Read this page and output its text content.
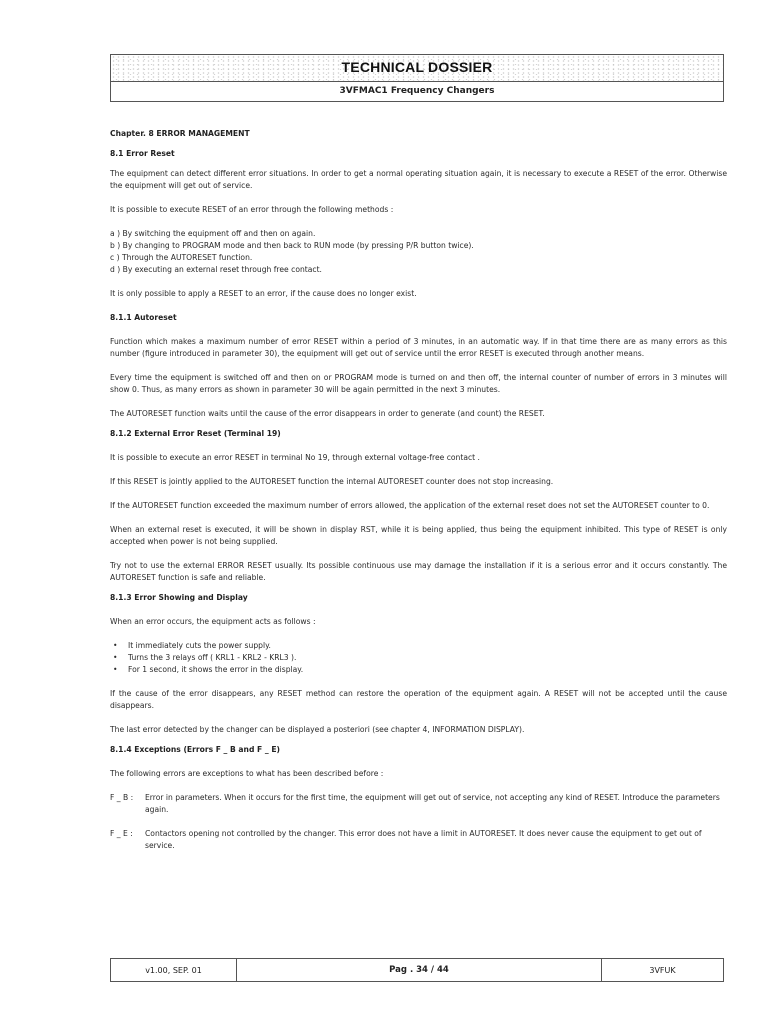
TECHNICAL DOSSIER
3VFMAC1 Frequency Changers

Chapter. 8 ERROR MANAGEMENT

8.1 Error Reset

The equipment can detect different error situations. In order to get a normal operating situation again, it is necessary to execute a RESET of the error. Otherwise the equipment will get out of service.

It is possible to execute RESET of an error through the following methods :

a ) By switching the equipment off and then on again.

b ) By changing to PROGRAM mode and then back to RUN mode (by pressing P/R button twice).

c ) Through the AUTORESET function.

d ) By executing an external reset through free contact.

It is only possible to apply a RESET to an error, if the cause does no longer exist.

8.1.1 Autoreset

Function which makes a maximum number of error RESET within a period of 3 minutes, in an automatic way. If in that time there are as many errors as this number (figure introduced in parameter 30), the equipment will get out of service until the error RESET is executed through another means.

Every time the equipment is switched off and then on or PROGRAM mode is turned on and then off, the internal counter of number of errors in 3 minutes will show 0. Thus, as many errors as shown in parameter 30 will be again permitted in the next 3 minutes.

The AUTORESET function waits until the cause of the error disappears in order to generate (and count) the RESET.

8.1.2 External Error Reset (Terminal 19)

It is possible to execute an error RESET in terminal No 19, through external voltage-free contact .

If this RESET is jointly applied to the AUTORESET function the internal AUTORESET counter does not stop increasing.

If the AUTORESET function exceeded the maximum number of errors allowed, the application of the external reset does not set the AUTORESET counter to 0.

When an external reset is executed, it will be shown in display RST, while it is being applied, thus being the equipment inhibited. This type of RESET is only accepted when power is not being supplied.

Try not to use the external ERROR RESET usually. Its possible continuous use may damage the installation if it is a serious error and it occurs constantly. The AUTORESET function is safe and reliable.

8.1.3 Error Showing and Display

When an error occurs, the equipment acts as follows :

• It immediately cuts the power supply.
• Turns the 3 relays off ( KRL1 - KRL2 - KRL3 ).
• For 1 second, it shows the error in the display.

If the cause of the error disappears, any RESET method can restore the operation of the equipment again. A RESET will not be accepted until the cause disappears.

The last error detected by the changer can be displayed a posteriori (see chapter 4, INFORMATION DISPLAY).

8.1.4 Exceptions (Errors F _ B and F _ E)

The following errors are exceptions to what has been described before :

F _ B :	Error in parameters. When it occurs for the first time, the equipment will get out of service, not accepting any kind of RESET. Introduce the parameters again.
F _ E :	Contactors opening not controlled by the changer. This error does not have a limit in AUTORESET. It does never cause the equipment to get out of service.
v1.00, SEP. 01	Pag . 34 / 44	3VFUK
